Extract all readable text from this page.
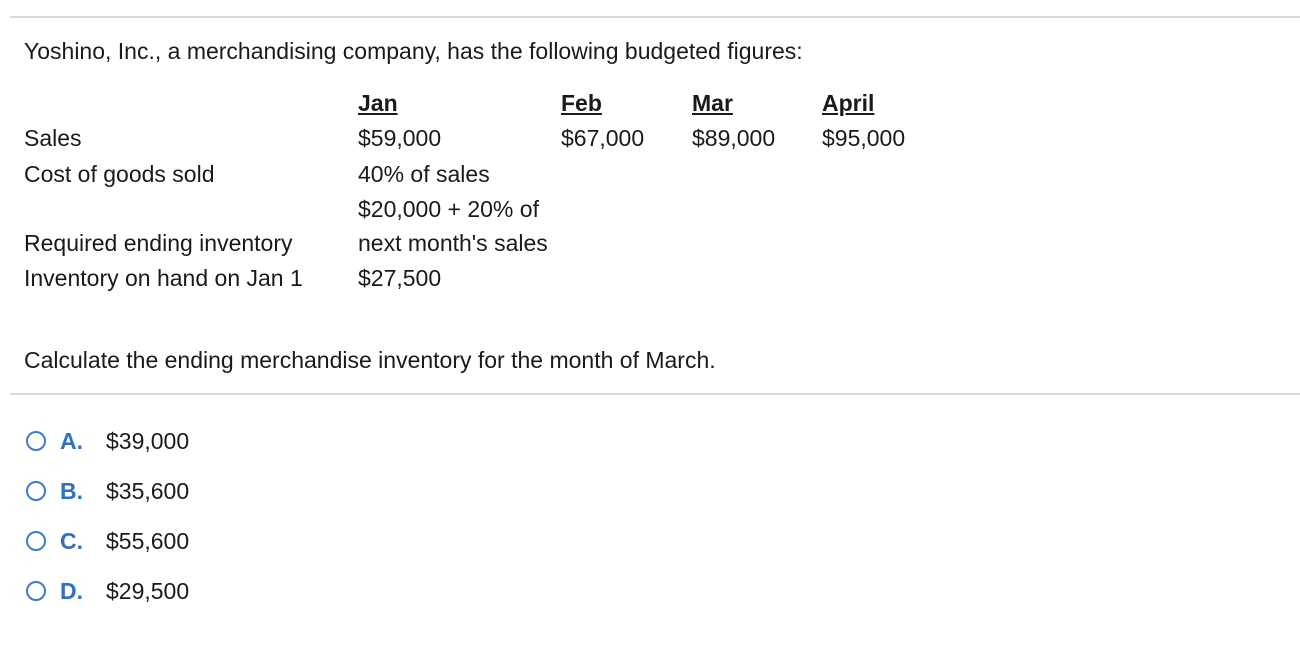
Yoshino, Inc., a merchandising company, has the following budgeted figures:
	Jan	Feb	Mar	April
Sales	$59,000	$67,000	$89,000	$95,000
Cost of goods sold	40% of sales			
Required ending inventory	$20,000 + 20% of next month's sales			
Inventory on hand on Jan 1	$27,500			
Calculate the ending merchandise inventory for the month of March.
A.	$39,000
B.	$35,600
C.	$55,600
D.	$29,500
